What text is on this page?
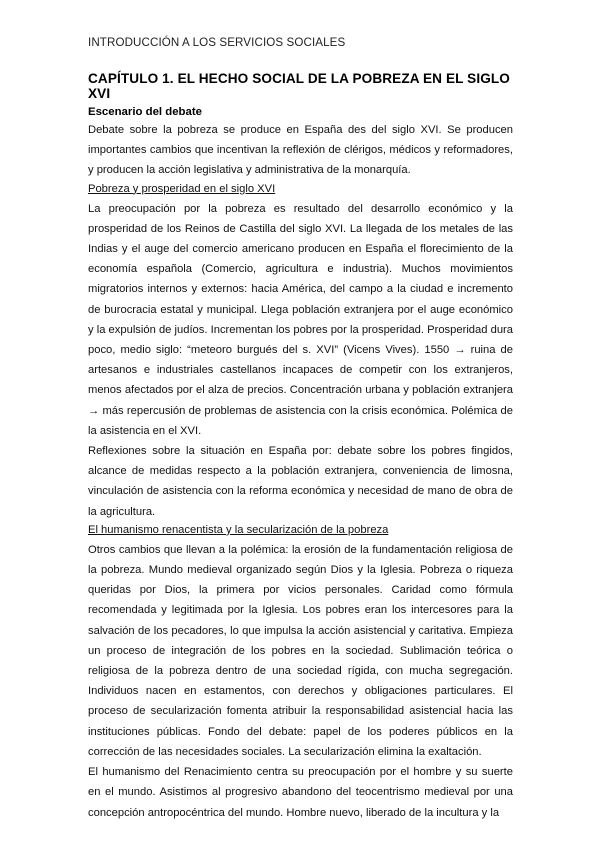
INTRODUCCIÓN A LOS SERVICIOS SOCIALES
CAPÍTULO 1. EL HECHO SOCIAL DE LA POBREZA EN EL SIGLO XVI
Escenario del debate

Debate sobre la pobreza se produce en España des del siglo XVI. Se producen importantes cambios que incentivan la reflexión de clérigos, médicos y reformadores, y producen la acción legislativa y administrativa de la monarquía.

Pobreza y prosperidad en el siglo XVI

La preocupación por la pobreza es resultado del desarrollo económico y la prosperidad de los Reinos de Castilla del siglo XVI. La llegada de los metales de las Indias y el auge del comercio americano producen en España el florecimiento de la economía española (Comercio, agricultura e industria). Muchos movimientos migratorios internos y externos: hacia América, del campo a la ciudad e incremento de burocracia estatal y municipal. Llega población extranjera por el auge económico y la expulsión de judíos. Incrementan los pobres por la prosperidad. Prosperidad dura poco, medio siglo: “meteoro burgués del s. XVI” (Vicens Vives). 1550 → ruina de artesanos e industriales castellanos incapaces de competir con los extranjeros, menos afectados por el alza de precios. Concentración urbana y población extranjera → más repercusión de problemas de asistencia con la crisis económica. Polémica de la asistencia en el XVI.

Reflexiones sobre la situación en España por: debate sobre los pobres fingidos, alcance de medidas respecto a la población extranjera, conveniencia de limosna, vinculación de asistencia con la reforma económica y necesidad de mano de obra de la agricultura.

El humanismo renacentista y la secularización de la pobreza

Otros cambios que llevan a la polémica: la erosión de la fundamentación religiosa de la pobreza. Mundo medieval organizado según Dios y la Iglesia. Pobreza o riqueza queridas por Dios, la primera por vicios personales. Caridad como fórmula recomendada y legitimada por la Iglesia. Los pobres eran los intercesores para la salvación de los pecadores, lo que impulsa la acción asistencial y caritativa. Empieza un proceso de integración de los pobres en la sociedad. Sublimación teórica o religiosa de la pobreza dentro de una sociedad rígida, con mucha segregación. Individuos nacen en estamentos, con derechos y obligaciones particulares. El proceso de secularización fomenta atribuir la responsabilidad asistencial hacia las instituciones públicas. Fondo del debate: papel de los poderes públicos en la corrección de las necesidades sociales. La secularización elimina la exaltación.

El humanismo del Renacimiento centra su preocupación por el hombre y su suerte en el mundo. Asistimos al progresivo abandono del teocentrismo medieval por una concepción antropocéntrica del mundo. Hombre nuevo, liberado de la incultura y la
